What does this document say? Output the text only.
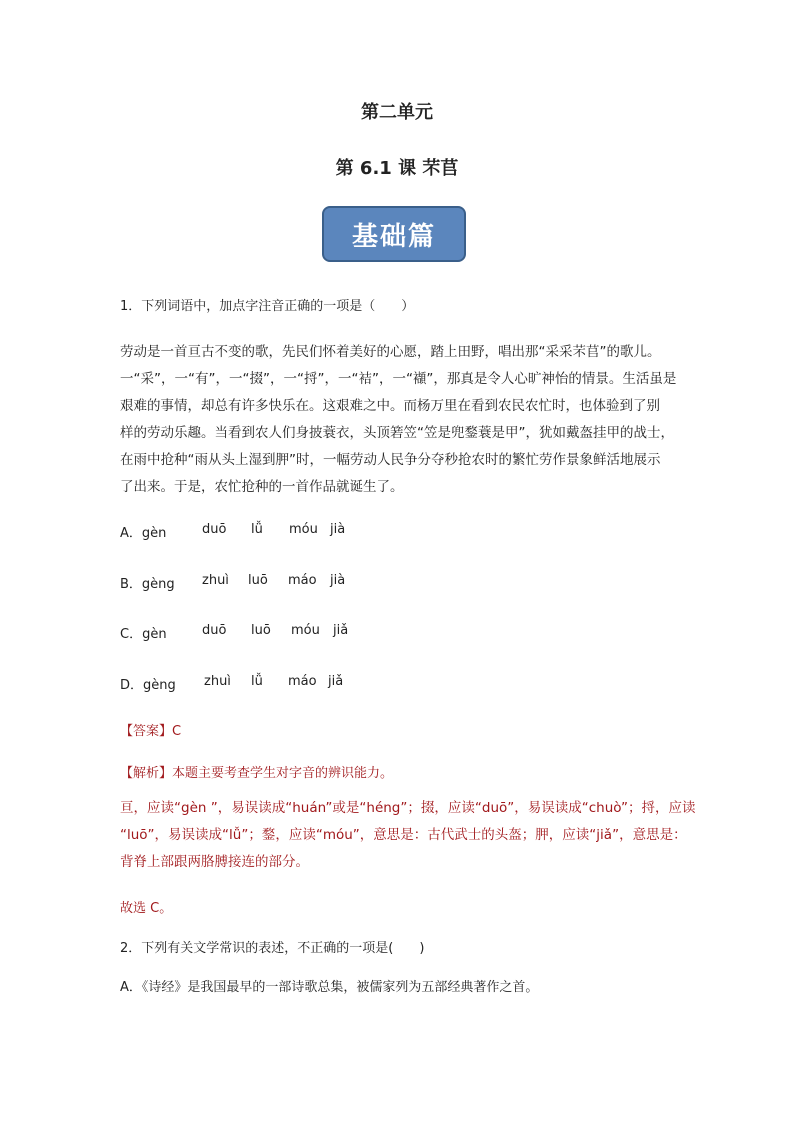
第二单元
第 6.1 课 芣苢
基础篇
1．下列词语中，加点字注音正确的一项是（　　）
劳动是一首亘古不变的歌，先民们怀着美好的心愿，踏上田野，唱出那“采采芣苢”的歌儿。
一“采”，一“有”，一“掇”，一“捋”，一“袺”，一“襭”，那真是令人心旷神怡的情景。生活虽是
艰难的事情，却总有许多快乐在。这艰难之中。而杨万里在看到农民农忙时，也体验到了别
样的劳动乐趣。当看到农人们身披蓑衣，头顶箬笠“笠是兜鍪蓑是甲”，犹如戴盔挂甲的战士，
在雨中抢种“雨从头上湿到胛”时，一幅劳动人民争分夺秒抢农时的繁忙劳作景象鲜活地展示
了出来。于是，农忙抢种的一首作品就诞生了。
A．gèn	duō lǚ móu jià
B．gèng zhuì luō máo jià
C．gèn	duō luō móu jiǎ
D．gèng zhuì lǚ máo jiǎ
【答案】C
【解析】本题主要考查学生对字音的辨识能力。
亘，应读“gèn ”，易误读成“huán”或是“héng”；掇，应读“duō”，易误读成“chuò”；捋，应读
“luō”，易误读成“lǚ”；鍪，应读“móu”，意思是：古代武士的头盔；胛，应读“jiǎ”，意思是：
背脊上部跟两胳膊接连的部分。
故选 C。
2．下列有关文学常识的表述，不正确的一项是(　　)
A．《诗经》是我国最早的一部诗歌总集，被儒家列为五部经典著作之首。
